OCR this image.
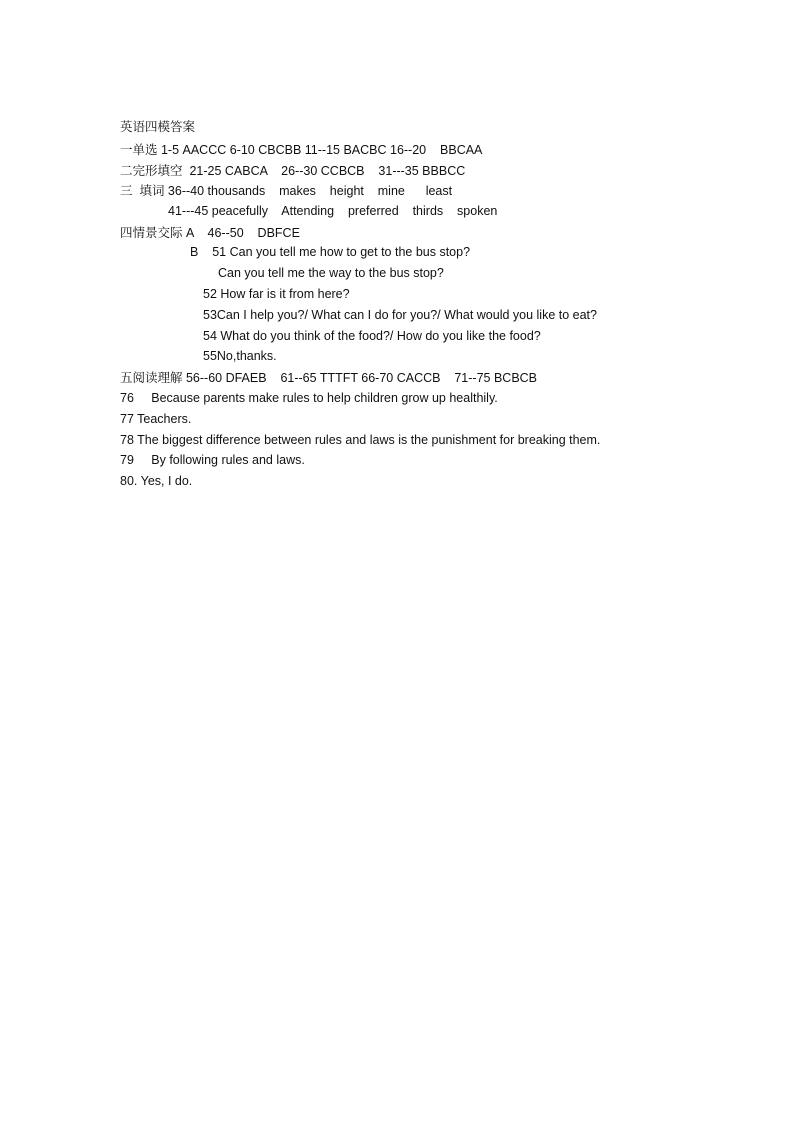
英语四模答案
一单选 1-5 AACCC 6-10 CBCBB 11--15 BACBC 16--20    BBCAA
二完形填空  21-25 CABCA    26--30 CCBCB    31---35 BBBCC
三  填词 36--40 thousands    makes    height    mine      least
41---45 peacefully    Attending    preferred    thirds    spoken
四情景交际 A    46--50    DBFCE
B    51 Can you tell me how to get to the bus stop?
Can you tell me the way to the bus stop?
52 How far is it from here?
53Can I help you?/ What can I do for you?/ What would you like to eat?
54 What do you think of the food?/ How do you like the food?
55No,thanks.
五阅读理解 56--60 DFAEB    61--65 TTTFT 66-70 CACCB    71--75 BCBCB
76     Because parents make rules to help children grow up healthily.
77 Teachers.
78 The biggest difference between rules and laws is the punishment for breaking them.
79     By following rules and laws.
80. Yes, I do.
